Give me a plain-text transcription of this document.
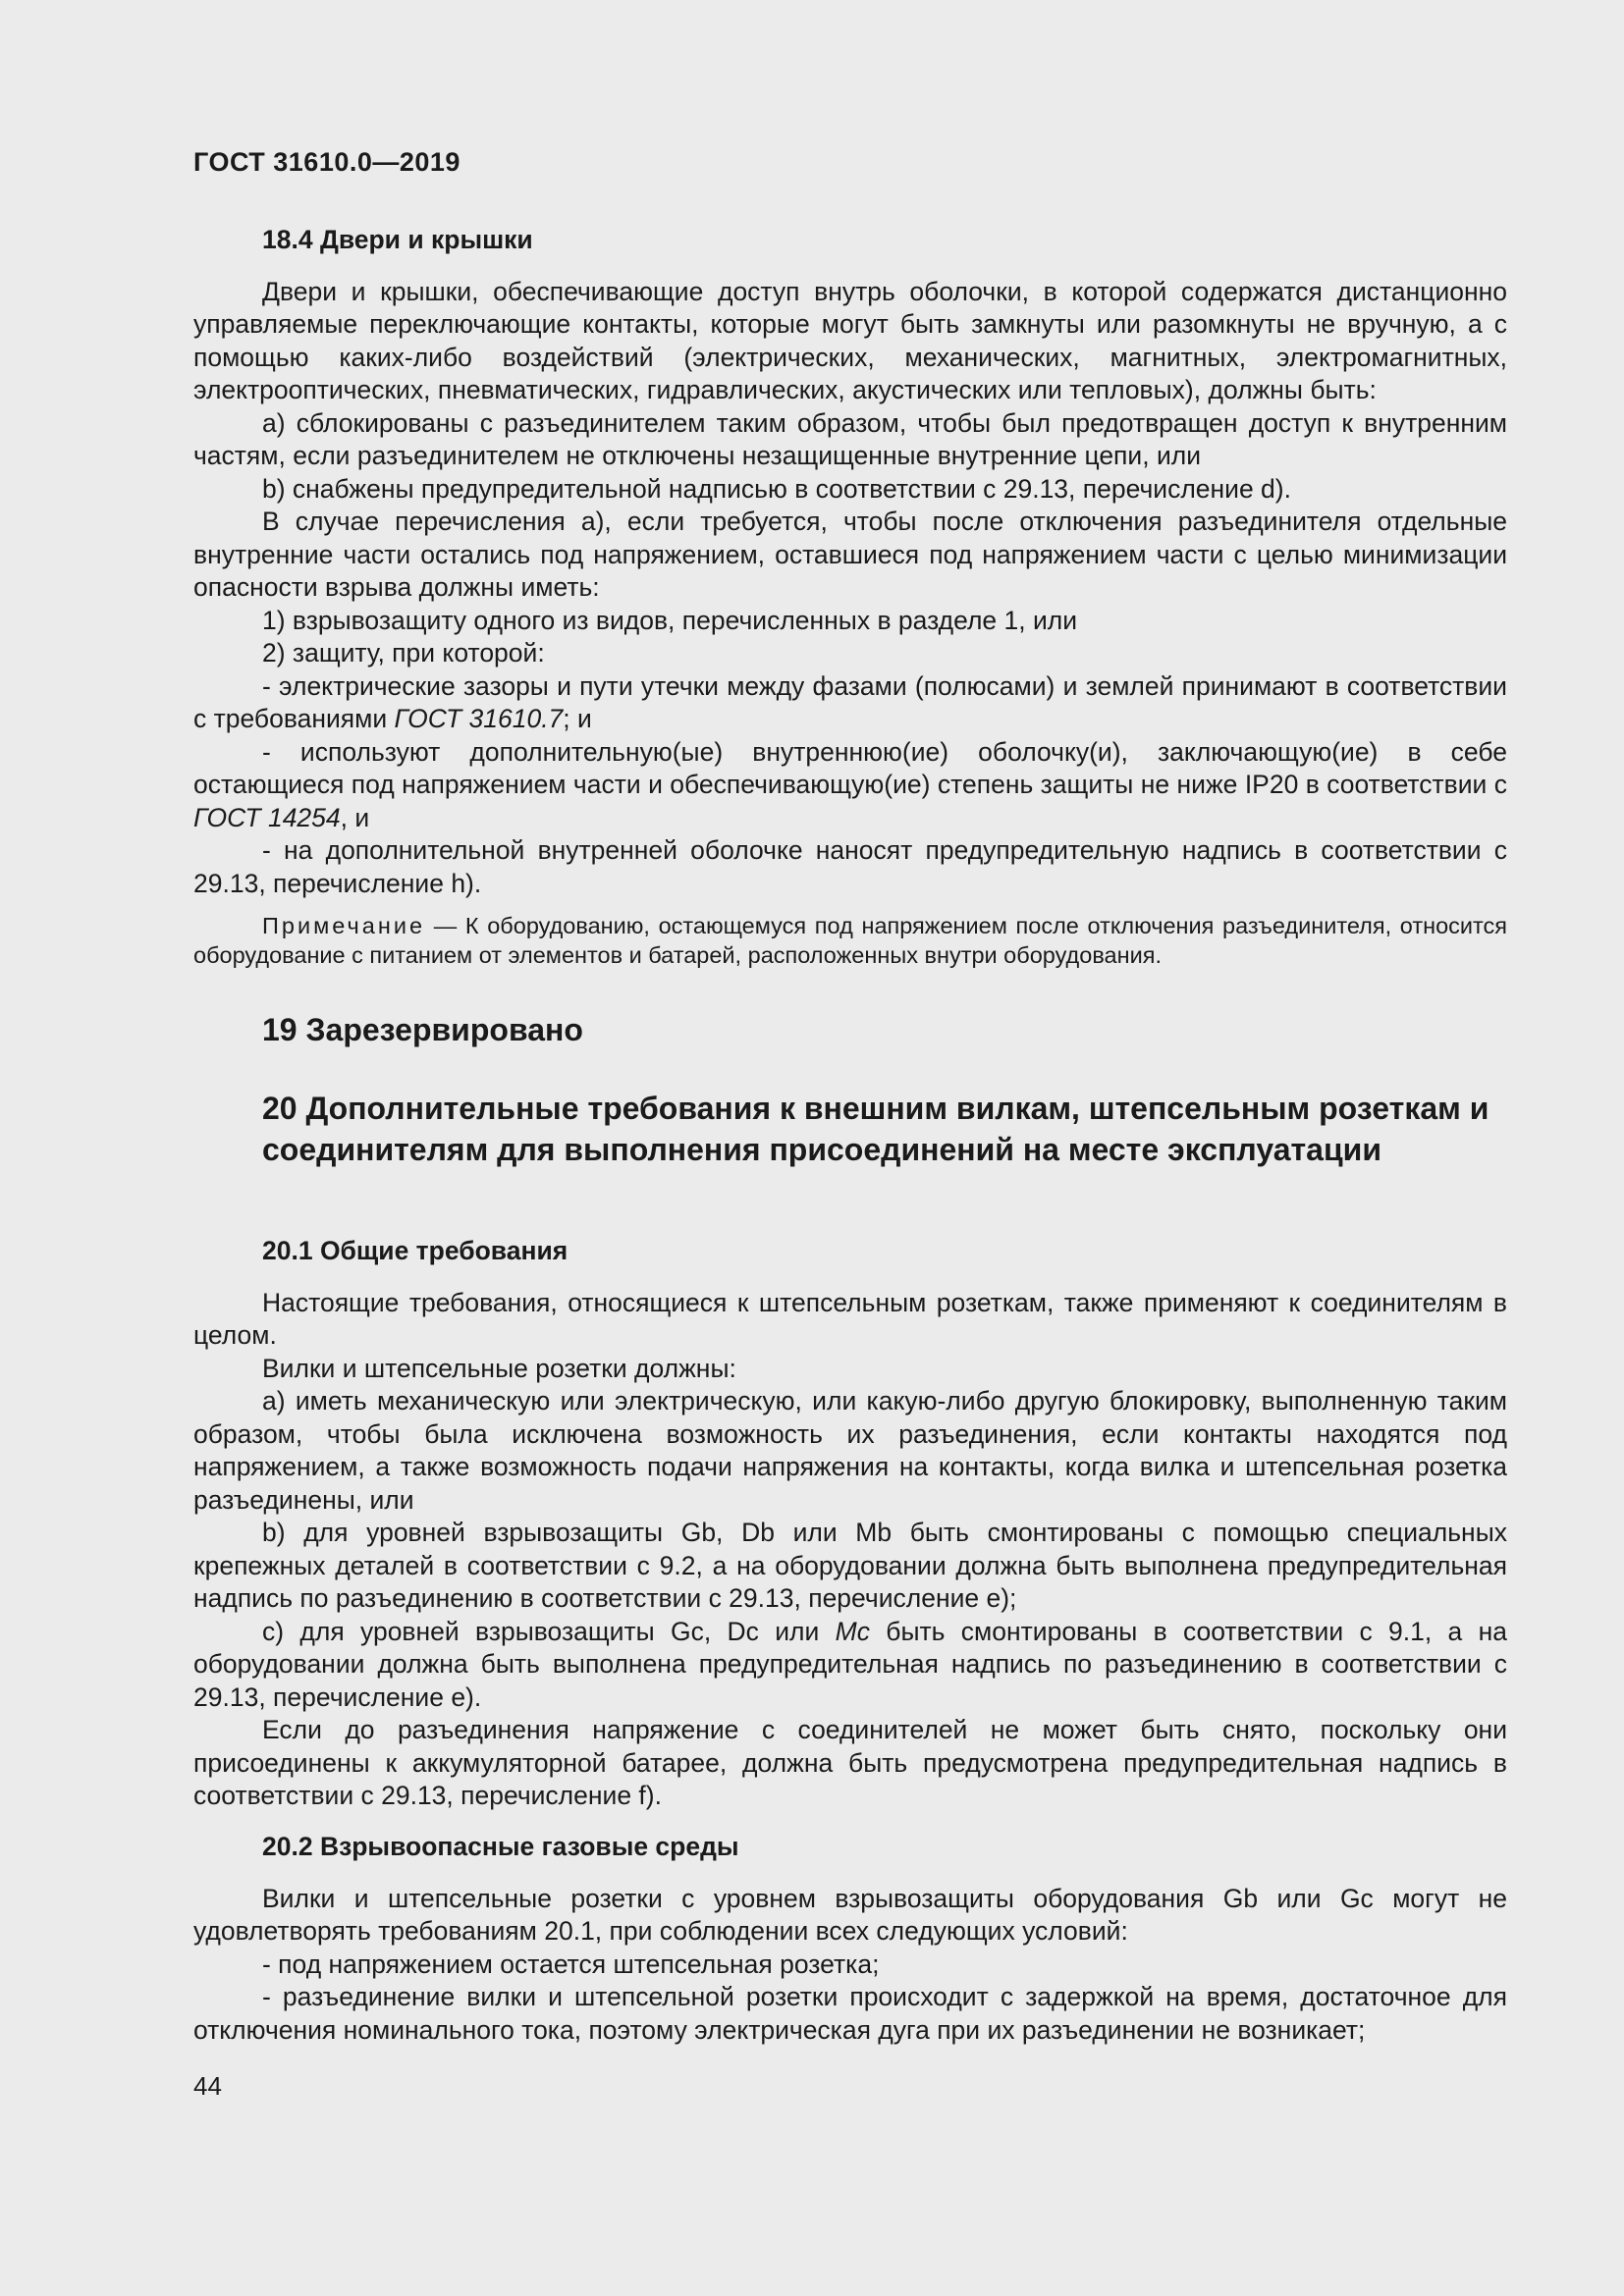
ГОСТ 31610.0—2019

18.4 Двери и крышки

Двери и крышки, обеспечивающие доступ внутрь оболочки, в которой содержатся дистанционно управляемые переключающие контакты, которые могут быть замкнуты или разомкнуты не вручную, а с помощью каких-либо воздействий (электрических, механических, магнитных, электромагнитных, электрооптических, пневматических, гидравлических, акустических или тепловых), должны быть:

а) сблокированы с разъединителем таким образом, чтобы был предотвращен доступ к внутренним частям, если разъединителем не отключены незащищенные внутренние цепи, или

b) снабжены предупредительной надписью в соответствии с 29.13, перечисление d).

В случае перечисления а), если требуется, чтобы после отключения разъединителя отдельные внутренние части остались под напряжением, оставшиеся под напряжением части с целью минимизации опасности взрыва должны иметь:

1) взрывозащиту одного из видов, перечисленных в разделе 1, или

2) защиту, при которой:

- электрические зазоры и пути утечки между фазами (полюсами) и землей принимают в соответствии с требованиями ГОСТ 31610.7; и

- используют дополнительную(ые) внутреннюю(ие) оболочку(и), заключающую(ие) в себе остающиеся под напряжением части и обеспечивающую(ие) степень защиты не ниже IP20 в соответствии с ГОСТ 14254, и

- на дополнительной внутренней оболочке наносят предупредительную надпись в соответствии с 29.13, перечисление h).

Примечание — К оборудованию, остающемуся под напряжением после отключения разъединителя, относится оборудование с питанием от элементов и батарей, расположенных внутри оборудования.

19 Зарезервировано

20 Дополнительные требования к внешним вилкам, штепсельным розеткам и соединителям для выполнения присоединений на месте эксплуатации

20.1 Общие требования

Настоящие требования, относящиеся к штепсельным розеткам, также применяют к соединителям в целом.

Вилки и штепсельные розетки должны:

а) иметь механическую или электрическую, или какую-либо другую блокировку, выполненную таким образом, чтобы была исключена возможность их разъединения, если контакты находятся под напряжением, а также возможность подачи напряжения на контакты, когда вилка и штепсельная розетка разъединены, или

b) для уровней взрывозащиты Gb, Db или Mb быть смонтированы с помощью специальных крепежных деталей в соответствии с 9.2, а на оборудовании должна быть выполнена предупредительная надпись по разъединению в соответствии с 29.13, перечисление е);

с) для уровней взрывозащиты Gc, Dc или Mc быть смонтированы в соответствии с 9.1, а на оборудовании должна быть выполнена предупредительная надпись по разъединению в соответствии с 29.13, перечисление е).

Если до разъединения напряжение с соединителей не может быть снято, поскольку они присоединены к аккумуляторной батарее, должна быть предусмотрена предупредительная надпись в соответствии с 29.13, перечисление f).

20.2 Взрывоопасные газовые среды

Вилки и штепсельные розетки с уровнем взрывозащиты оборудования Gb или Gc могут не удовлетворять требованиям 20.1, при соблюдении всех следующих условий:

- под напряжением остается штепсельная розетка;

- разъединение вилки и штепсельной розетки происходит с задержкой на время, достаточное для отключения номинального тока, поэтому электрическая дуга при их разъединении не возникает;

44
